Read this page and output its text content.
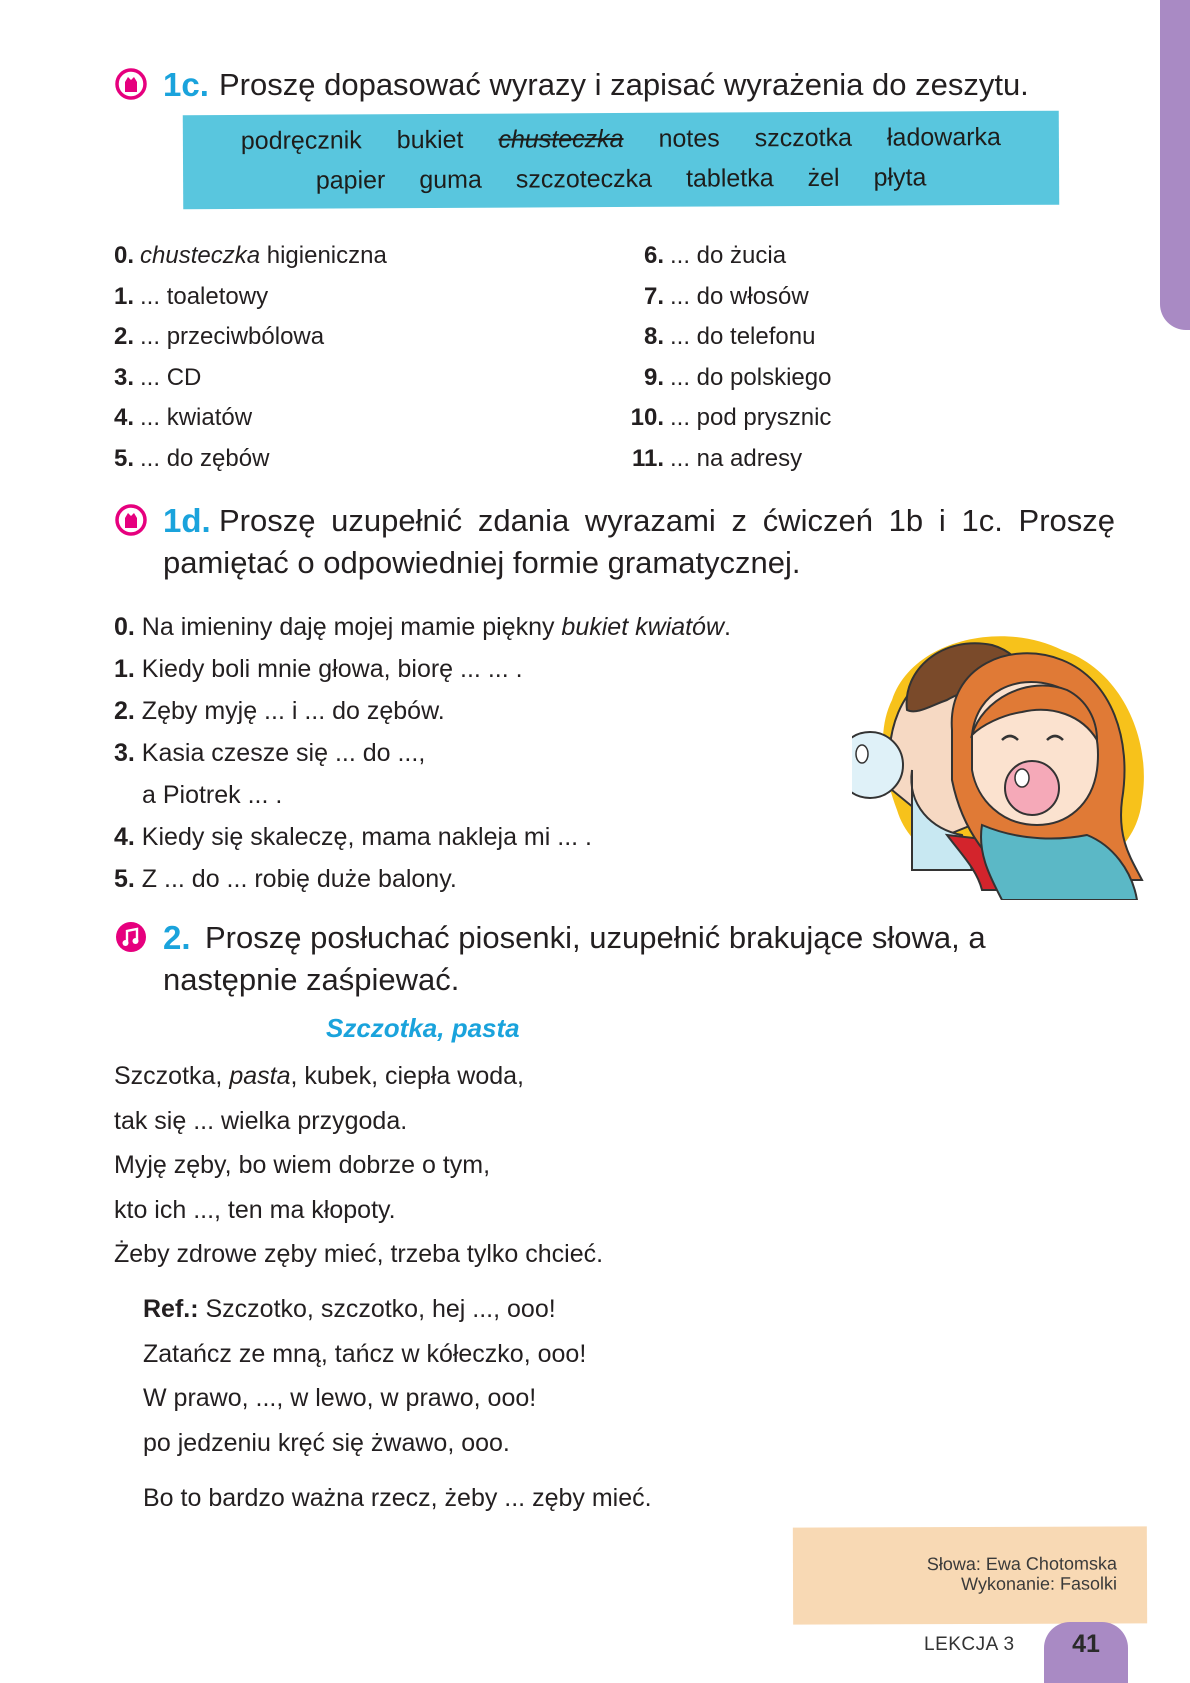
1c. Proszę dopasować wyrazy i zapisać wyrażenia do zeszytu.
podręcznik bukiet chusteczka notes szczotka ładowarka
papier guma szczoteczka tabletka żel płyta
0. chusteczka higieniczna
1. ... toaletowy
2. ... przeciwbólowa
3. ... CD
4. ... kwiatów
5. ... do zębów
6. ... do żucia
7. ... do włosów
8. ... do telefonu
9. ... do polskiego
10. ... pod prysznic
11. ... na adresy
1d. Proszę uzupełnić zdania wyrazami z ćwiczeń 1b i 1c. Proszę pamiętać o odpowiedniej formie gramatycznej.
0. Na imieniny daję mojej mamie piękny bukiet kwiatów.
1. Kiedy boli mnie głowa, biorę ... ... .
2. Zęby myję ... i ... do zębów.
3. Kasia czesze się ... do ...,
a Piotrek ... .
4. Kiedy się skaleczę, mama nakleja mi ... .
5. Z ... do ... robię duże balony.
2. Proszę posłuchać piosenki, uzupełnić brakujące słowa, a następnie zaśpiewać.
Szczotka, pasta
Szczotka, pasta, kubek, ciepła woda,
tak się ... wielka przygoda.
Myję zęby, bo wiem dobrze o tym,
kto ich ..., ten ma kłopoty.
Żeby zdrowe zęby mieć, trzeba tylko chcieć.
Ref.: Szczotko, szczotko, hej ..., ooo!
Zatańcz ze mną, tańcz w kółeczko, ooo!
W prawo, ..., w lewo, w prawo, ooo!
po jedzeniu kręć się żwawo, ooo.
Bo to bardzo ważna rzecz, żeby ... zęby mieć.
Słowa: Ewa Chotomska
Wykonanie: Fasolki
LEKCJA 3	41
